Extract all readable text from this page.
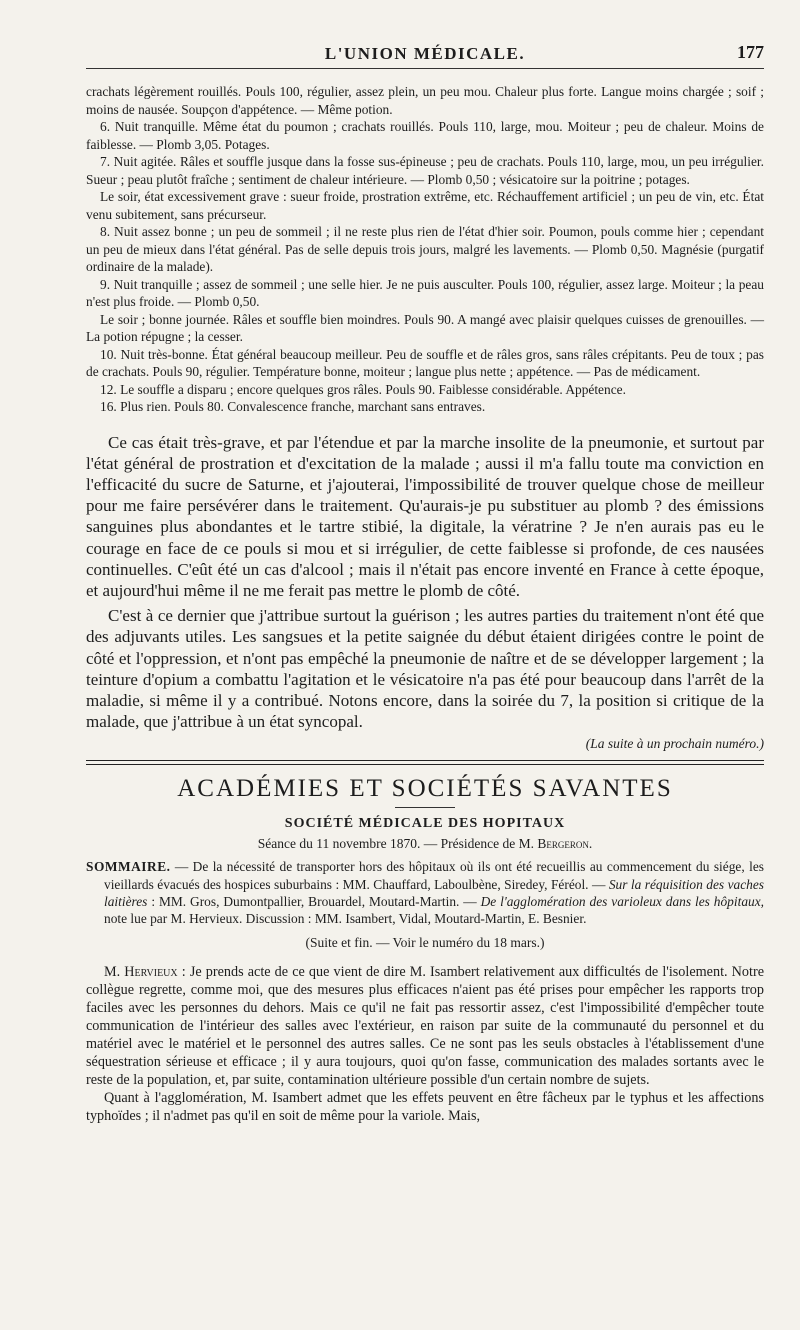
L'UNION MÉDICALE.	177

crachats légèrement rouillés. Pouls 100, régulier, assez plein, un peu mou. Chaleur plus forte. Langue moins chargée ; soif ; moins de nausée. Soupçon d'appétence. — Même potion.

6. Nuit tranquille. Même état du poumon ; crachats rouillés. Pouls 110, large, mou. Moiteur ; peu de chaleur. Moins de faiblesse. — Plomb 3,05. Potages.

7. Nuit agitée. Râles et souffle jusque dans la fosse sus-épineuse ; peu de crachats. Pouls 110, large, mou, un peu irrégulier. Sueur ; peau plutôt fraîche ; sentiment de chaleur intérieure. — Plomb 0,50 ; vésicatoire sur la poitrine ; potages.

Le soir, état excessivement grave : sueur froide, prostration extrême, etc. Réchauffement artificiel ; un peu de vin, etc. État venu subitement, sans précurseur.

8. Nuit assez bonne ; un peu de sommeil ; il ne reste plus rien de l'état d'hier soir. Poumon, pouls comme hier ; cependant un peu de mieux dans l'état général. Pas de selle depuis trois jours, malgré les lavements. — Plomb 0,50. Magnésie (purgatif ordinaire de la malade).

9. Nuit tranquille ; assez de sommeil ; une selle hier. Je ne puis ausculter. Pouls 100, régulier, assez large. Moiteur ; la peau n'est plus froide. — Plomb 0,50.

Le soir ; bonne journée. Râles et souffle bien moindres. Pouls 90. A mangé avec plaisir quelques cuisses de grenouilles. — La potion répugne ; la cesser.

10. Nuit très-bonne. État général beaucoup meilleur. Peu de souffle et de râles gros, sans râles crépitants. Peu de toux ; pas de crachats. Pouls 90, régulier. Température bonne, moiteur ; langue plus nette ; appétence. — Pas de médicament.

12. Le souffle a disparu ; encore quelques gros râles. Pouls 90. Faiblesse considérable. Appétence.

16. Plus rien. Pouls 80. Convalescence franche, marchant sans entraves.

Ce cas était très-grave, et par l'étendue et par la marche insolite de la pneumonie, et surtout par l'état général de prostration et d'excitation de la malade ; aussi il m'a fallu toute ma conviction en l'efficacité du sucre de Saturne, et j'ajouterai, l'impossibilité de trouver quelque chose de meilleur pour me faire persévérer dans le traitement. Qu'aurais-je pu substituer au plomb ? des émissions sanguines plus abondantes et le tartre stibié, la digitale, la vératrine ? Je n'en aurais pas eu le courage en face de ce pouls si mou et si irrégulier, de cette faiblesse si profonde, de ces nausées continuelles. C'eût été un cas d'alcool ; mais il n'était pas encore inventé en France à cette époque, et aujourd'hui même il ne me ferait pas mettre le plomb de côté.

C'est à ce dernier que j'attribue surtout la guérison ; les autres parties du traitement n'ont été que des adjuvants utiles. Les sangsues et la petite saignée du début étaient dirigées contre le point de côté et l'oppression, et n'ont pas empêché la pneumonie de naître et de se développer largement ; la teinture d'opium a combattu l'agitation et le vésicatoire n'a pas été pour beaucoup dans l'arrêt de la maladie, si même il y a contribué. Notons encore, dans la soirée du 7, la position si critique de la malade, que j'attribue à un état syncopal.

(La suite à un prochain numéro.)
ACADÉMIES ET SOCIÉTÉS SAVANTES
SOCIÉTÉ MÉDICALE DES HOPITAUX
Séance du 11 novembre 1870. — Présidence de M. Bergeron.

SOMMAIRE. — De la nécessité de transporter hors des hôpitaux où ils ont été recueillis au commencement du siége, les vieillards évacués des hospices suburbains : MM. Chauffard, Laboulbène, Siredey, Féréol. — Sur la réquisition des vaches laitières : MM. Gros, Dumontpallier, Brouardel, Moutard-Martin. — De l'agglomération des varioleux dans les hôpitaux, note lue par M. Hervieux. Discussion : MM. Isambert, Vidal, Moutard-Martin, E. Besnier.

(Suite et fin. — Voir le numéro du 18 mars.)

M. Hervieux : Je prends acte de ce que vient de dire M. Isambert relativement aux difficultés de l'isolement. Notre collègue regrette, comme moi, que des mesures plus efficaces n'aient pas été prises pour empêcher les rapports trop faciles avec les personnes du dehors. Mais ce qu'il ne fait pas ressortir assez, c'est l'impossibilité d'empêcher toute communication de l'intérieur des salles avec l'extérieur, en raison par suite de la communauté du personnel et du matériel avec le matériel et le personnel des autres salles. Ce ne sont pas les seuls obstacles à l'établissement d'une séquestration sérieuse et efficace ; il y aura toujours, quoi qu'on fasse, communication des malades sortants avec le reste de la population, et, par suite, contamination ultérieure possible d'un certain nombre de sujets.

Quant à l'agglomération, M. Isambert admet que les effets peuvent en être fâcheux par le typhus et les affections typhoïdes ; il n'admet pas qu'il en soit de même pour la variole. Mais,
